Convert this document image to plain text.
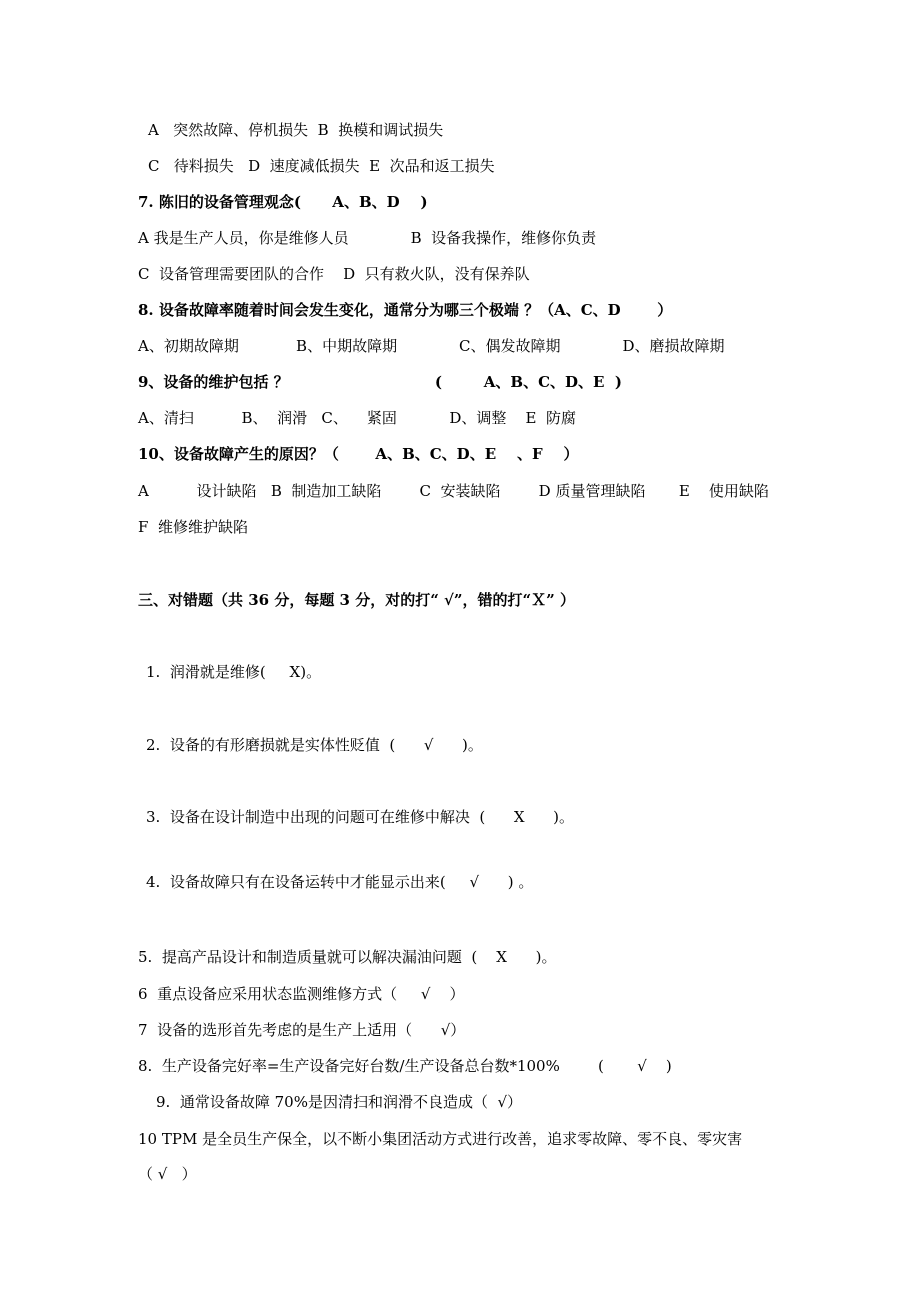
A   突然故障、停机损失  B  换模和调试损失
C   待料损失   D  速度减低损失  E  次品和返工损失
7. 陈旧的设备管理观念(      A、B、D    )
A 我是生产人员，你是维修人员             B  设备我操作，维修你负责
C  设备管理需要团队的合作    D  只有救火队，没有保养队
8. 设备故障率随着时间会发生变化，通常分为哪三个极端 ？（A、C、D       ）
A、初期故障期            B、中期故障期             C、偶发故障期             D、磨损故障期
9、设备的维护包括 ？                            (        A、B、C、D、E  )
A、清扫          B、  润滑   C、    紧固           D、调整    E  防腐
10、设备故障产生的原因？（       A、B、C、D、E    、F    ）
A          设计缺陷   B  制造加工缺陷        C  安装缺陷        D 质量管理缺陷       E    使用缺陷
F  维修维护缺陷
三、对错题（共 36 分，每题 3 分，对的打“ √”，错的打“Ｘ” ）
1.  润滑就是维修(     X)。
2.  设备的有形磨损就是实体性贬值  (      √      )。
3.  设备在设计制造中出现的问题可在维修中解决  (      X      )。
4.  设备故障只有在设备运转中才能显示出来(     √      ) 。
5.  提高产品设计和制造质量就可以解决漏油问题  (    X      )。
6  重点设备应采用状态监测维修方式（     √    ）
7  设备的选形首先考虑的是生产上适用（      √）
8.  生产设备完好率=生产设备完好台数/生产设备总台数*100%        (       √    )
9.  通常设备故障 70%是因清扫和润滑不良造成（  √）
10 TPM 是全员生产保全，以不断小集团活动方式进行改善，追求零故障、零不良、零灾害
（ √   ）
